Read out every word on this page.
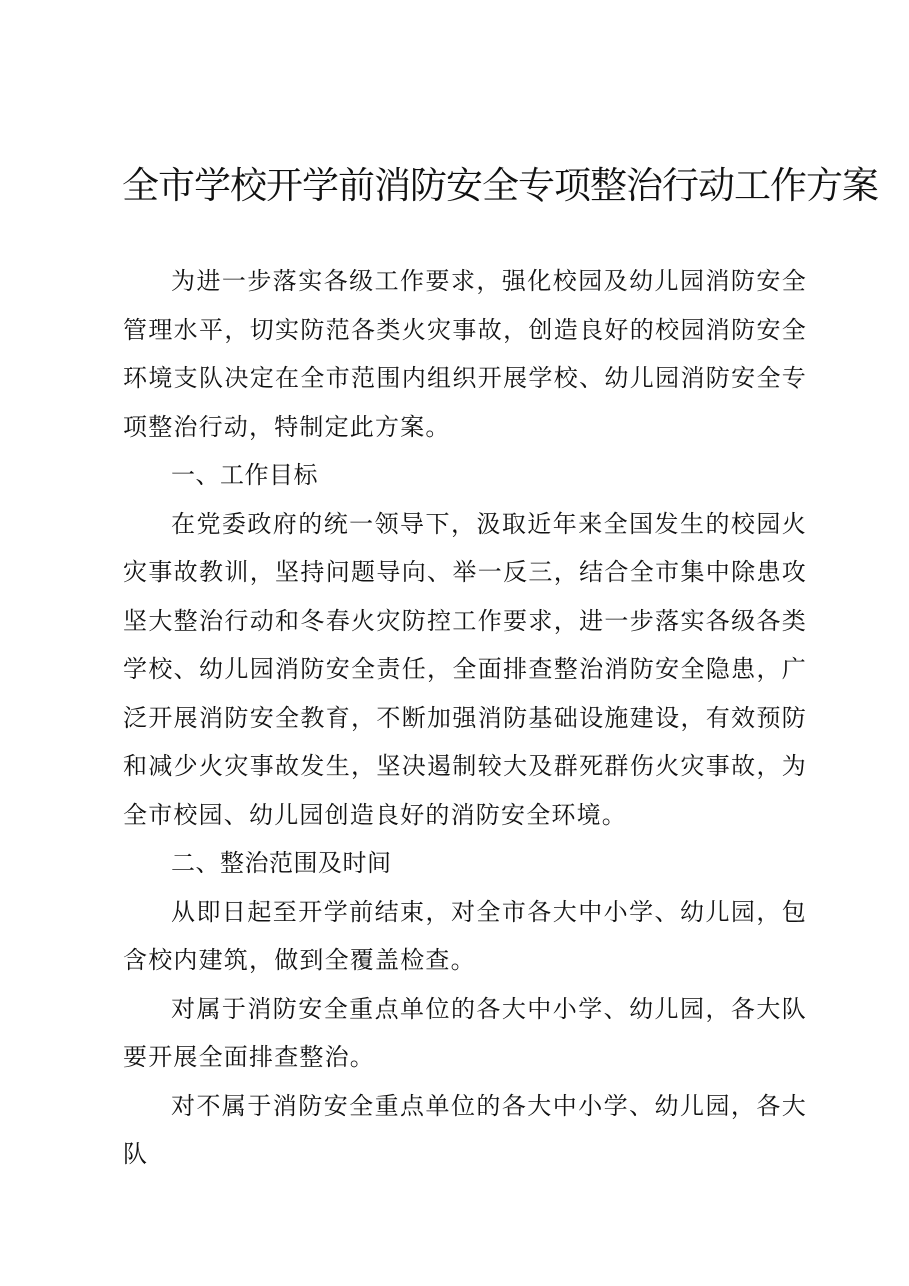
全市学校开学前消防安全专项整治行动工作方案

为进一步落实各级工作要求，强化校园及幼儿园消防安全管理水平，切实防范各类火灾事故，创造良好的校园消防安全环境支队决定在全市范围内组织开展学校、幼儿园消防安全专项整治行动，特制定此方案。

一、工作目标

在党委政府的统一领导下，汲取近年来全国发生的校园火灾事故教训，坚持问题导向、举一反三，结合全市集中除患攻坚大整治行动和冬春火灾防控工作要求，进一步落实各级各类学校、幼儿园消防安全责任，全面排查整治消防安全隐患，广泛开展消防安全教育，不断加强消防基础设施建设，有效预防和减少火灾事故发生，坚决遏制较大及群死群伤火灾事故，为全市校园、幼儿园创造良好的消防安全环境。

二、整治范围及时间

从即日起至开学前结束，对全市各大中小学、幼儿园，包含校内建筑，做到全覆盖检查。

对属于消防安全重点单位的各大中小学、幼儿园，各大队要开展全面排查整治。

对不属于消防安全重点单位的各大中小学、幼儿园，各大队
